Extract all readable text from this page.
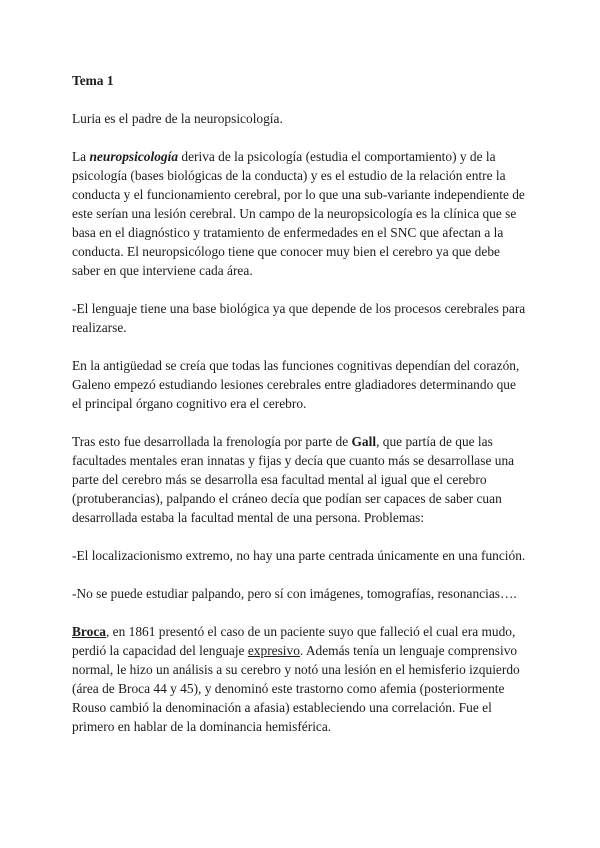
Tema 1

Luria es el padre de la neuropsicología.

La neuropsicología deriva de la psicología (estudia el comportamiento) y de la psicología (bases biológicas de la conducta) y es el estudio de la relación entre la conducta y el funcionamiento cerebral, por lo que una sub-variante independiente de este serían una lesión cerebral. Un campo de la neuropsicología es la clínica que se basa en el diagnóstico y tratamiento de enfermedades en el SNC que afectan a la conducta. El neuropsicólogo tiene que conocer muy bien el cerebro ya que debe saber en que interviene cada área.

-El lenguaje tiene una base biológica ya que depende de los procesos cerebrales para realizarse.

En la antigüedad se creía que todas las funciones cognitivas dependían del corazón, Galeno empezó estudiando lesiones cerebrales entre gladiadores determinando que el principal órgano cognitivo era el cerebro.

Tras esto fue desarrollada la frenología por parte de Gall, que partía de que las facultades mentales eran innatas y fijas y decía que cuanto más se desarrollase una parte del cerebro más se desarrolla esa facultad mental al igual que el cerebro (protuberancias), palpando el cráneo decía que podían ser capaces de saber cuan desarrollada estaba la facultad mental de una persona. Problemas:

-El localizacionismo extremo, no hay una parte centrada únicamente en una función.

-No se puede estudiar palpando, pero sí con imágenes, tomografías, resonancias….

Broca, en 1861 presentó el caso de un paciente suyo que falleció el cual era mudo, perdió la capacidad del lenguaje expresivo. Además tenía un lenguaje comprensivo normal, le hizo un análisis a su cerebro y notó una lesión en el hemisferio izquierdo (área de Broca 44 y 45), y denominó este trastorno como afemia (posteriormente Rouso cambió la denominación a afasia) estableciendo una correlación. Fue el primero en hablar de la dominancia hemisférica.
